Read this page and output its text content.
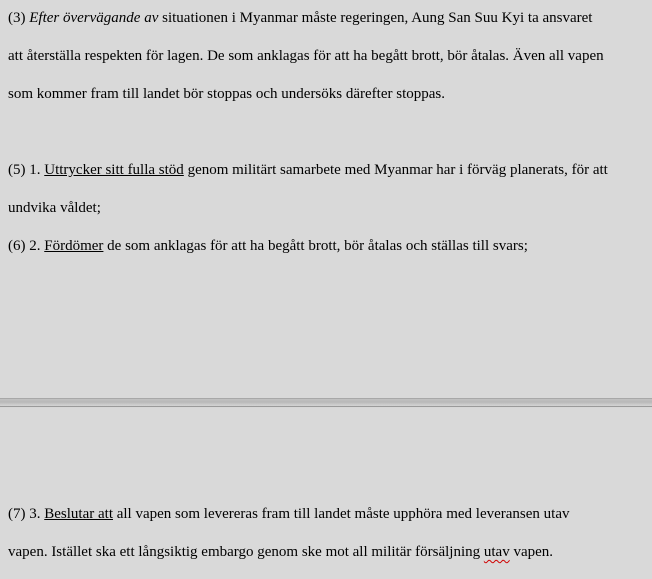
(3) Efter övervägande av situationen i Myanmar måste regeringen, Aung San Suu Kyi ta ansvaret
att återställa respekten för lagen. De som anklagas för att ha begått brott, bör åtalas. Även all vapen
som kommer fram till landet bör stoppas och undersöks därefter stoppas.
(5) 1. Uttrycker sitt fulla stöd genom militärt samarbete med Myanmar har i förväg planerats, för att
undvika våldet;
(6) 2. Fördömer de som anklagas för att ha begått brott, bör åtalas och ställas till svars;
(7) 3. Beslutar att all vapen som levereras fram till landet måste upphöra med leveransen utav
vapen. Istället ska ett långsiktig embargo genom ske mot all militär försäljning utav vapen.
